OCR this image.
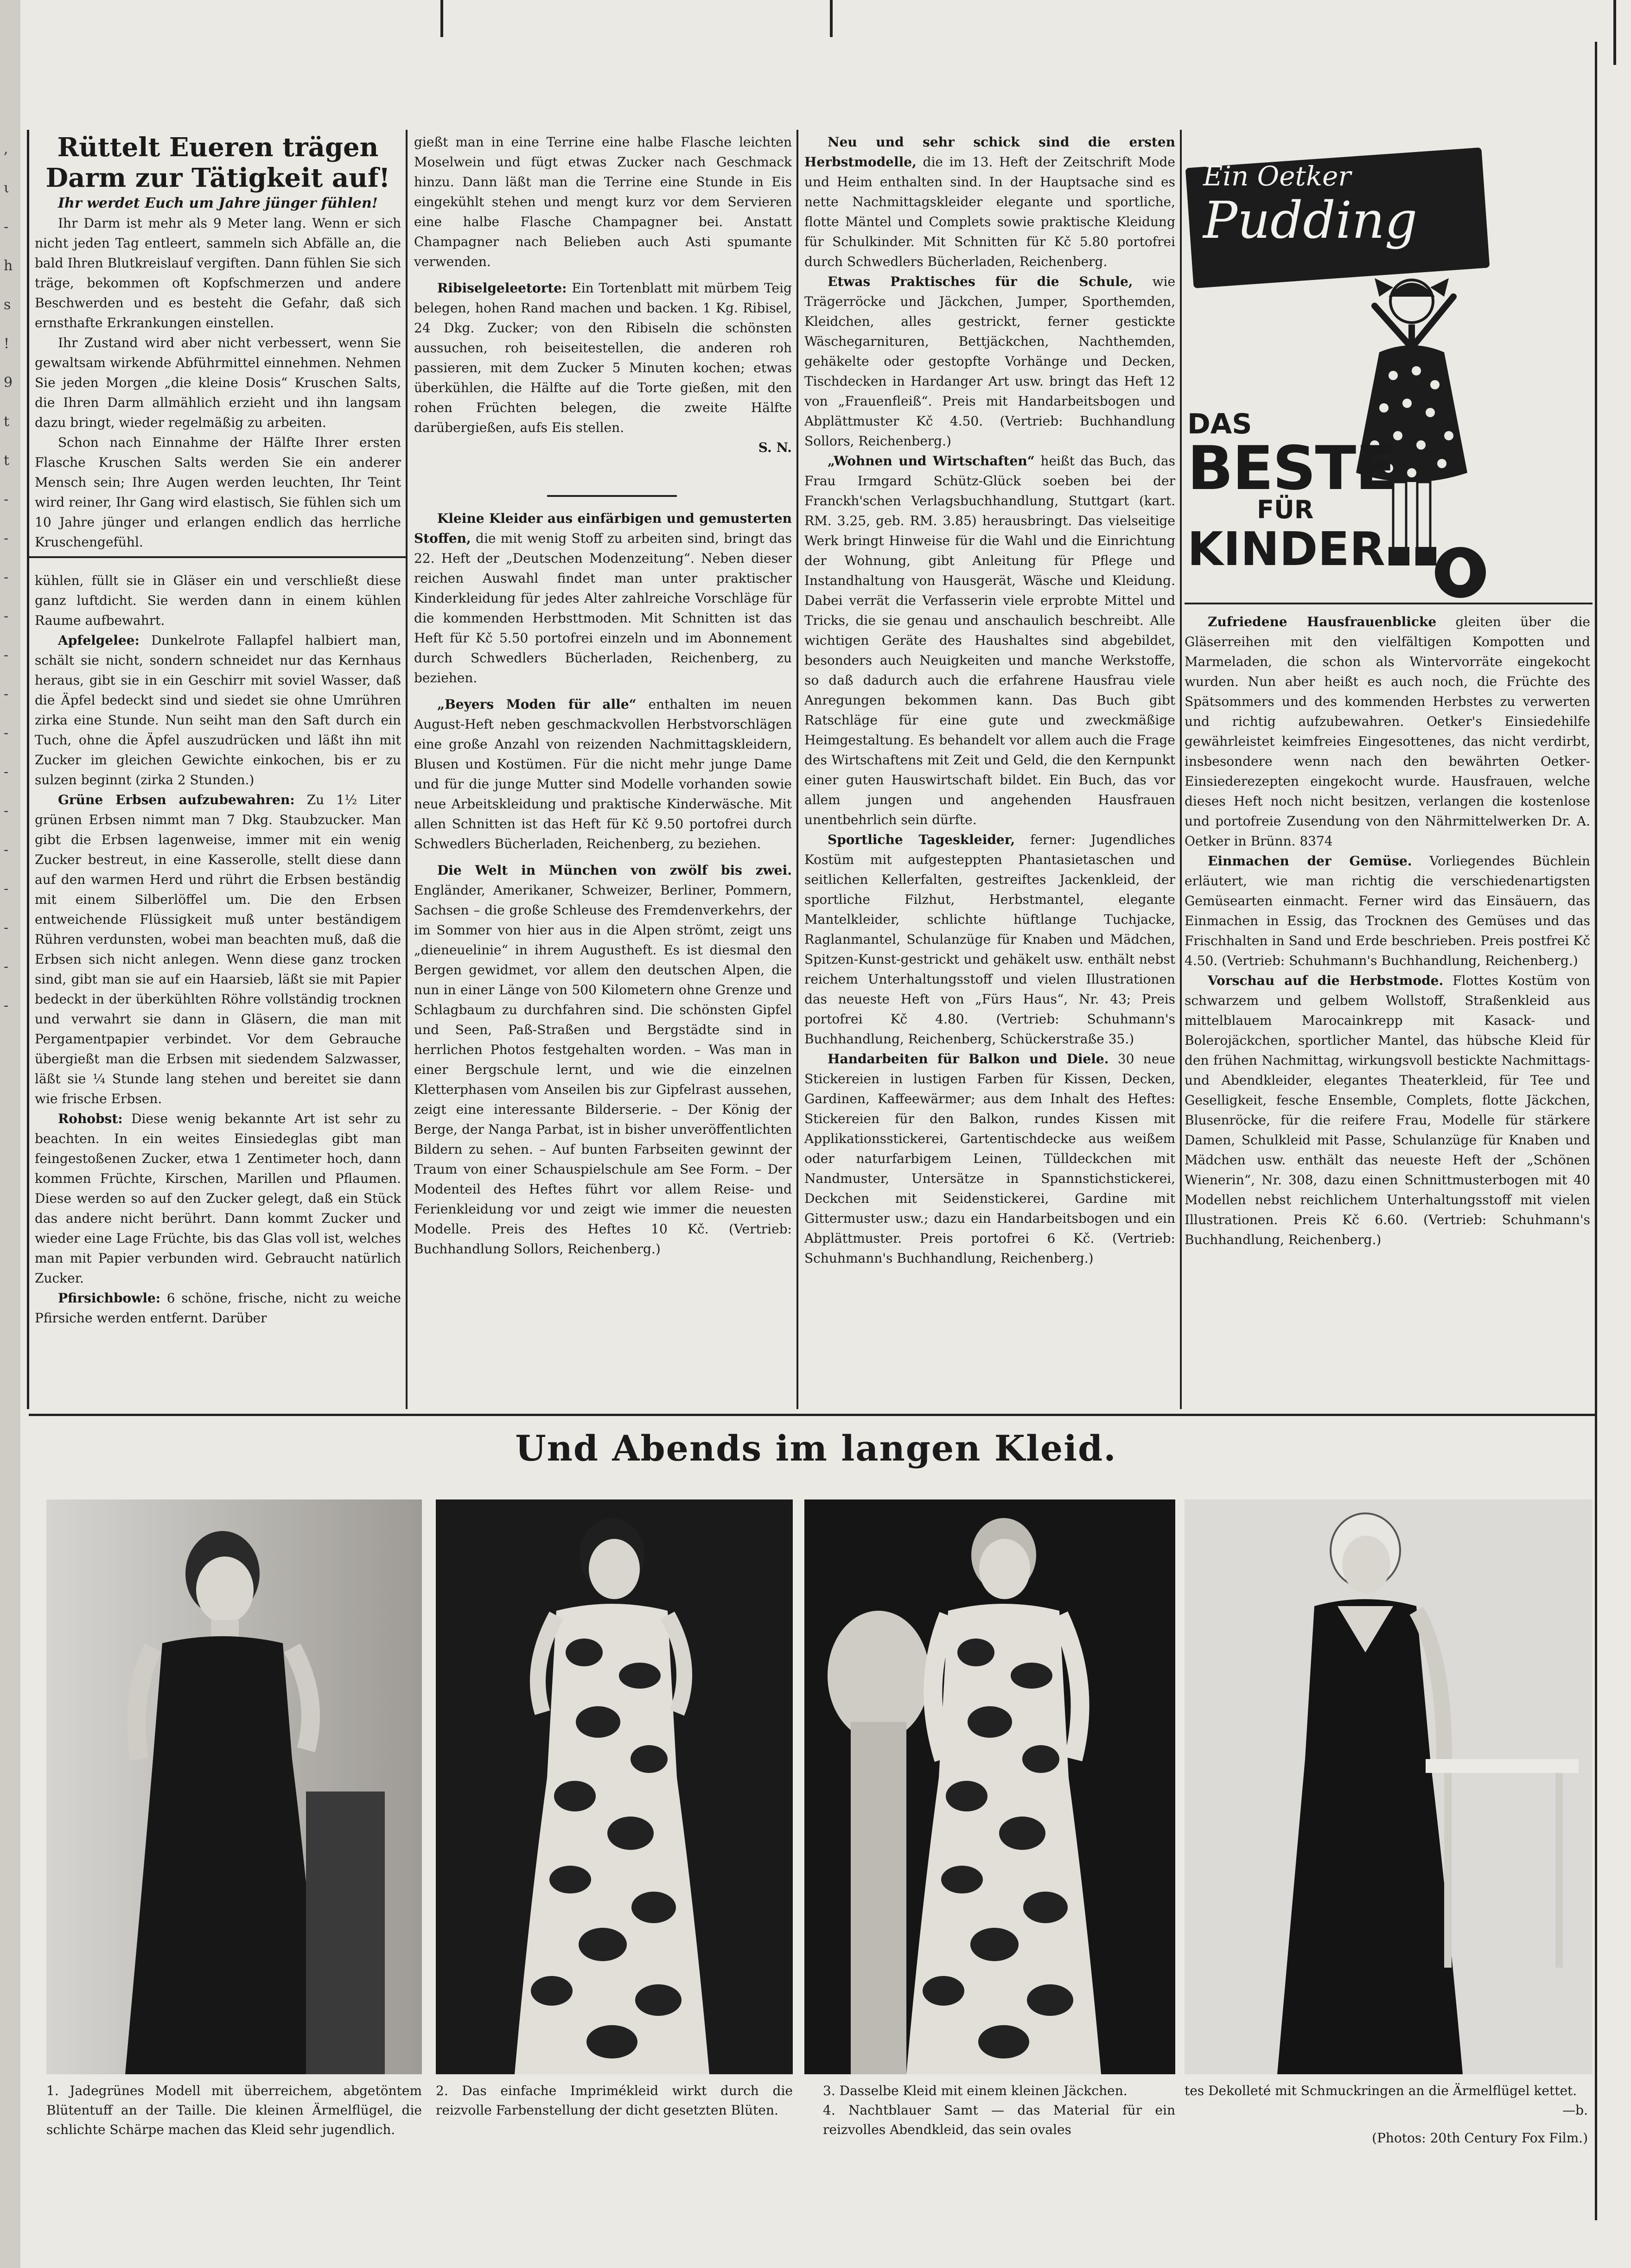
,
ι
-
h
s
!
9
t
t
-
-
-
-
-
-
-
-
-
-
-
-
-
-

Rüttelt Eueren trägen Darm zur Tätigkeit auf!

Ihr werdet Euch um Jahre jünger fühlen!

Ihr Darm ist mehr als 9 Meter lang. Wenn er sich nicht jeden Tag entleert, sammeln sich Abfälle an, die bald Ihren Blutkreislauf vergiften. Dann fühlen Sie sich träge, bekommen oft Kopfschmerzen und andere Beschwerden und es besteht die Gefahr, daß sich ernsthafte Erkrankungen einstellen.

Ihr Zustand wird aber nicht verbessert, wenn Sie gewaltsam wirkende Abführmittel einnehmen. Nehmen Sie jeden Morgen „die kleine Dosis“ Kruschen Salts, die Ihren Darm allmählich erzieht und ihn langsam dazu bringt, wieder regelmäßig zu arbeiten.

Schon nach Einnahme der Hälfte Ihrer ersten Flasche Kruschen Salts werden Sie ein anderer Mensch sein; Ihre Augen werden leuchten, Ihr Teint wird reiner, Ihr Gang wird elastisch, Sie fühlen sich um 10 Jahre jünger und erlangen endlich das herrliche Kruschengefühl.

kühlen, füllt sie in Gläser ein und verschließt diese ganz luftdicht. Sie werden dann in einem kühlen Raume aufbewahrt.

Apfelgelee: Dunkelrote Fallapfel halbiert man, schält sie nicht, sondern schneidet nur das Kernhaus heraus, gibt sie in ein Geschirr mit soviel Wasser, daß die Äpfel bedeckt sind und siedet sie ohne Umrühren zirka eine Stunde. Nun seiht man den Saft durch ein Tuch, ohne die Äpfel auszudrücken und läßt ihn mit Zucker im gleichen Gewichte einkochen, bis er zu sulzen beginnt (zirka 2 Stunden.)

Grüne Erbsen aufzubewahren: Zu 1½ Liter grünen Erbsen nimmt man 7 Dkg. Staubzucker. Man gibt die Erbsen lagenweise, immer mit ein wenig Zucker bestreut, in eine Kasserolle, stellt diese dann auf den warmen Herd und rührt die Erbsen beständig mit einem Silberlöffel um. Die den Erbsen entweichende Flüssigkeit muß unter beständigem Rühren verdunsten, wobei man beachten muß, daß die Erbsen sich nicht anlegen. Wenn diese ganz trocken sind, gibt man sie auf ein Haarsieb, läßt sie mit Papier bedeckt in der überkühlten Röhre vollständig trocknen und verwahrt sie dann in Gläsern, die man mit Pergamentpapier verbindet. Vor dem Gebrauche übergießt man die Erbsen mit siedendem Salzwasser, läßt sie ¼ Stunde lang stehen und bereitet sie dann wie frische Erbsen.

Rohobst: Diese wenig bekannte Art ist sehr zu beachten. In ein weites Einsiedeglas gibt man feingestoßenen Zucker, etwa 1 Zentimeter hoch, dann kommen Früchte, Kirschen, Marillen und Pflaumen. Diese werden so auf den Zucker gelegt, daß ein Stück das andere nicht berührt. Dann kommt Zucker und wieder eine Lage Früchte, bis das Glas voll ist, welches man mit Papier verbunden wird. Gebraucht natürlich Zucker.

Pfirsichbowle: 6 schöne, frische, nicht zu weiche Pfirsiche werden entfernt. Darüber

gießt man in eine Terrine eine halbe Flasche leichten Moselwein und fügt etwas Zucker nach Geschmack hinzu. Dann läßt man die Terrine eine Stunde in Eis eingekühlt stehen und mengt kurz vor dem Servieren eine halbe Flasche Champagner bei. Anstatt Champagner nach Belieben auch Asti spumante verwenden.

Ribiselgeleetorte: Ein Tortenblatt mit mürbem Teig belegen, hohen Rand machen und backen. 1 Kg. Ribisel, 24 Dkg. Zucker; von den Ribiseln die schönsten aussuchen, roh beiseitestellen, die anderen roh passieren, mit dem Zucker 5 Minuten kochen; etwas überkühlen, die Hälfte auf die Torte gießen, mit den rohen Früchten belegen, die zweite Hälfte darübergießen, aufs Eis stellen.

S. N.

Kleine Kleider aus einfärbigen und gemusterten Stoffen, die mit wenig Stoff zu arbeiten sind, bringt das 22. Heft der „Deutschen Modenzeitung“. Neben dieser reichen Auswahl findet man unter praktischer Kinderkleidung für jedes Alter zahlreiche Vorschläge für die kommenden Herbsttmoden. Mit Schnitten ist das Heft für Kč 5.50 portofrei einzeln und im Abonnement durch Schwedlers Bücherladen, Reichenberg, zu beziehen.

„Beyers Moden für alle“ enthalten im neuen August-Heft neben geschmackvollen Herbstvorschlägen eine große Anzahl von reizenden Nachmittagskleidern, Blusen und Kostümen. Für die nicht mehr junge Dame und für die junge Mutter sind Modelle vorhanden sowie neue Arbeitskleidung und praktische Kinderwäsche. Mit allen Schnitten ist das Heft für Kč 9.50 portofrei durch Schwedlers Bücherladen, Reichenberg, zu beziehen.

Die Welt in München von zwölf bis zwei. Engländer, Amerikaner, Schweizer, Berliner, Pommern, Sachsen – die große Schleuse des Fremdenverkehrs, der im Sommer von hier aus in die Alpen strömt, zeigt uns „dieneuelinie“ in ihrem Augustheft. Es ist diesmal den Bergen gewidmet, vor allem den deutschen Alpen, die nun in einer Länge von 500 Kilometern ohne Grenze und Schlagbaum zu durchfahren sind. Die schönsten Gipfel und Seen, Paß-Straßen und Bergstädte sind in herrlichen Photos festgehalten worden. – Was man in einer Bergschule lernt, und wie die einzelnen Kletterphasen vom Anseilen bis zur Gipfelrast aussehen, zeigt eine interessante Bilderserie. – Der König der Berge, der Nanga Parbat, ist in bisher unveröffentlichten Bildern zu sehen. – Auf bunten Farbseiten gewinnt der Traum von einer Schauspielschule am See Form. – Der Modenteil des Heftes führt vor allem Reise- und Ferienkleidung vor und zeigt wie immer die neuesten Modelle. Preis des Heftes 10 Kč. (Vertrieb: Buchhandlung Sollors, Reichenberg.)

Neu und sehr schick sind die ersten Herbstmodelle, die im 13. Heft der Zeitschrift Mode und Heim enthalten sind. In der Hauptsache sind es nette Nachmittagskleider elegante und sportliche, flotte Mäntel und Complets sowie praktische Kleidung für Schulkinder. Mit Schnitten für Kč 5.80 portofrei durch Schwedlers Bücherladen, Reichenberg.

Etwas Praktisches für die Schule, wie Trägerröcke und Jäckchen, Jumper, Sporthemden, Kleidchen, alles gestrickt, ferner gestickte Wäschegarnituren, Bettjäckchen, Nachthemden, gehäkelte oder gestopfte Vorhänge und Decken, Tischdecken in Hardanger Art usw. bringt das Heft 12 von „Frauenfleiß“. Preis mit Handarbeitsbogen und Abplättmuster Kč 4.50. (Vertrieb: Buchhandlung Sollors, Reichenberg.)

„Wohnen und Wirtschaften“ heißt das Buch, das Frau Irmgard Schütz-Glück soeben bei der Franckh'schen Verlagsbuchhandlung, Stuttgart (kart. RM. 3.25, geb. RM. 3.85) herausbringt. Das vielseitige Werk bringt Hinweise für die Wahl und die Einrichtung der Wohnung, gibt Anleitung für Pflege und Instandhaltung von Hausgerät, Wäsche und Kleidung. Dabei verrät die Verfasserin viele erprobte Mittel und Tricks, die sie genau und anschaulich beschreibt. Alle wichtigen Geräte des Haushaltes sind abgebildet, besonders auch Neuigkeiten und manche Werkstoffe, so daß dadurch auch die erfahrene Hausfrau viele Anregungen bekommen kann. Das Buch gibt Ratschläge für eine gute und zweckmäßige Heimgestaltung. Es behandelt vor allem auch die Frage des Wirtschaftens mit Zeit und Geld, die den Kernpunkt einer guten Hauswirtschaft bildet. Ein Buch, das vor allem jungen und angehenden Hausfrauen unentbehrlich sein dürfte.

Sportliche Tageskleider, ferner: Jugendliches Kostüm mit aufgesteppten Phantasietaschen und seitlichen Kellerfalten, gestreiftes Jackenkleid, der sportliche Filzhut, Herbstmantel, elegante Mantelkleider, schlichte hüftlange Tuchjacke, Raglanmantel, Schulanzüge für Knaben und Mädchen, Spitzen-Kunst-gestrickt und gehäkelt usw. enthält nebst reichem Unterhaltungsstoff und vielen Illustrationen das neueste Heft von „Fürs Haus“, Nr. 43; Preis portofrei Kč 4.80. (Vertrieb: Schuhmann's Buchhandlung, Reichenberg, Schückerstraße 35.)

Handarbeiten für Balkon und Diele. 30 neue Stickereien in lustigen Farben für Kissen, Decken, Gardinen, Kaffeewärmer; aus dem Inhalt des Heftes: Stickereien für den Balkon, rundes Kissen mit Applikationsstickerei, Gartentischdecke aus weißem oder naturfarbigem Leinen, Tülldeckchen mit Nandmuster, Untersätze in Spannstichstickerei, Deckchen mit Seidenstickerei, Gardine mit Gittermuster usw.; dazu ein Handarbeitsbogen und ein Abplättmuster. Preis portofrei 6 Kč. (Vertrieb: Schuhmann's Buchhandlung, Reichenberg.)

Ein Oetker
Pudding
DAS
BESTE
FÜR
KINDER

Zufriedene Hausfrauenblicke gleiten über die Gläserreihen mit den vielfältigen Kompotten und Marmeladen, die schon als Wintervorräte eingekocht wurden. Nun aber heißt es auch noch, die Früchte des Spätsommers und des kommenden Herbstes zu verwerten und richtig aufzubewahren. Oetker's Einsiedehilfe gewährleistet keimfreies Eingesottenes, das nicht verdirbt, insbesondere wenn nach den bewährten Oetker-Einsiederezepten eingekocht wurde. Hausfrauen, welche dieses Heft noch nicht besitzen, verlangen die kostenlose und portofreie Zusendung von den Nährmittelwerken Dr. A. Oetker in Brünn. 8374

Einmachen der Gemüse. Vorliegendes Büchlein erläutert, wie man richtig die verschiedenartigsten Gemüsearten einmacht. Ferner wird das Einsäuern, das Einmachen in Essig, das Trocknen des Gemüses und das Frischhalten in Sand und Erde beschrieben. Preis postfrei Kč 4.50. (Vertrieb: Schuhmann's Buchhandlung, Reichenberg.)

Vorschau auf die Herbstmode. Flottes Kostüm von schwarzem und gelbem Wollstoff, Straßenkleid aus mittelblauem Marocainkrepp mit Kasack- und Bolerojäckchen, sportlicher Mantel, das hübsche Kleid für den frühen Nachmittag, wirkungsvoll bestickte Nachmittags- und Abendkleider, elegantes Theaterkleid, für Tee und Geselligkeit, fesche Ensemble, Complets, flotte Jäckchen, Blusenröcke, für die reifere Frau, Modelle für stärkere Damen, Schulkleid mit Passe, Schulanzüge für Knaben und Mädchen usw. enthält das neueste Heft der „Schönen Wienerin“, Nr. 308, dazu einen Schnittmusterbogen mit 40 Modellen nebst reichlichem Unterhaltungsstoff mit vielen Illustrationen. Preis Kč 6.60. (Vertrieb: Schuhmann's Buchhandlung, Reichenberg.)

Und Abends im langen Kleid.

1. Jadegrünes Modell mit überreichem, abgetöntem Blütentuff an der Taille. Die kleinen Ärmelflügel, die schlichte Schärpe machen das Kleid sehr jugendlich.

2. Das einfache Imprimékleid wirkt durch die reizvolle Farbenstellung der dicht gesetzten Blüten.

3. Dasselbe Kleid mit einem kleinen Jäckchen.

4. Nachtblauer Samt — das Material für ein reizvolles Abendkleid, das sein ovales

tes Dekolleté mit Schmuckringen an die Ärmelflügel kettet.
—b.

(Photos: 20th Century Fox Film.)
